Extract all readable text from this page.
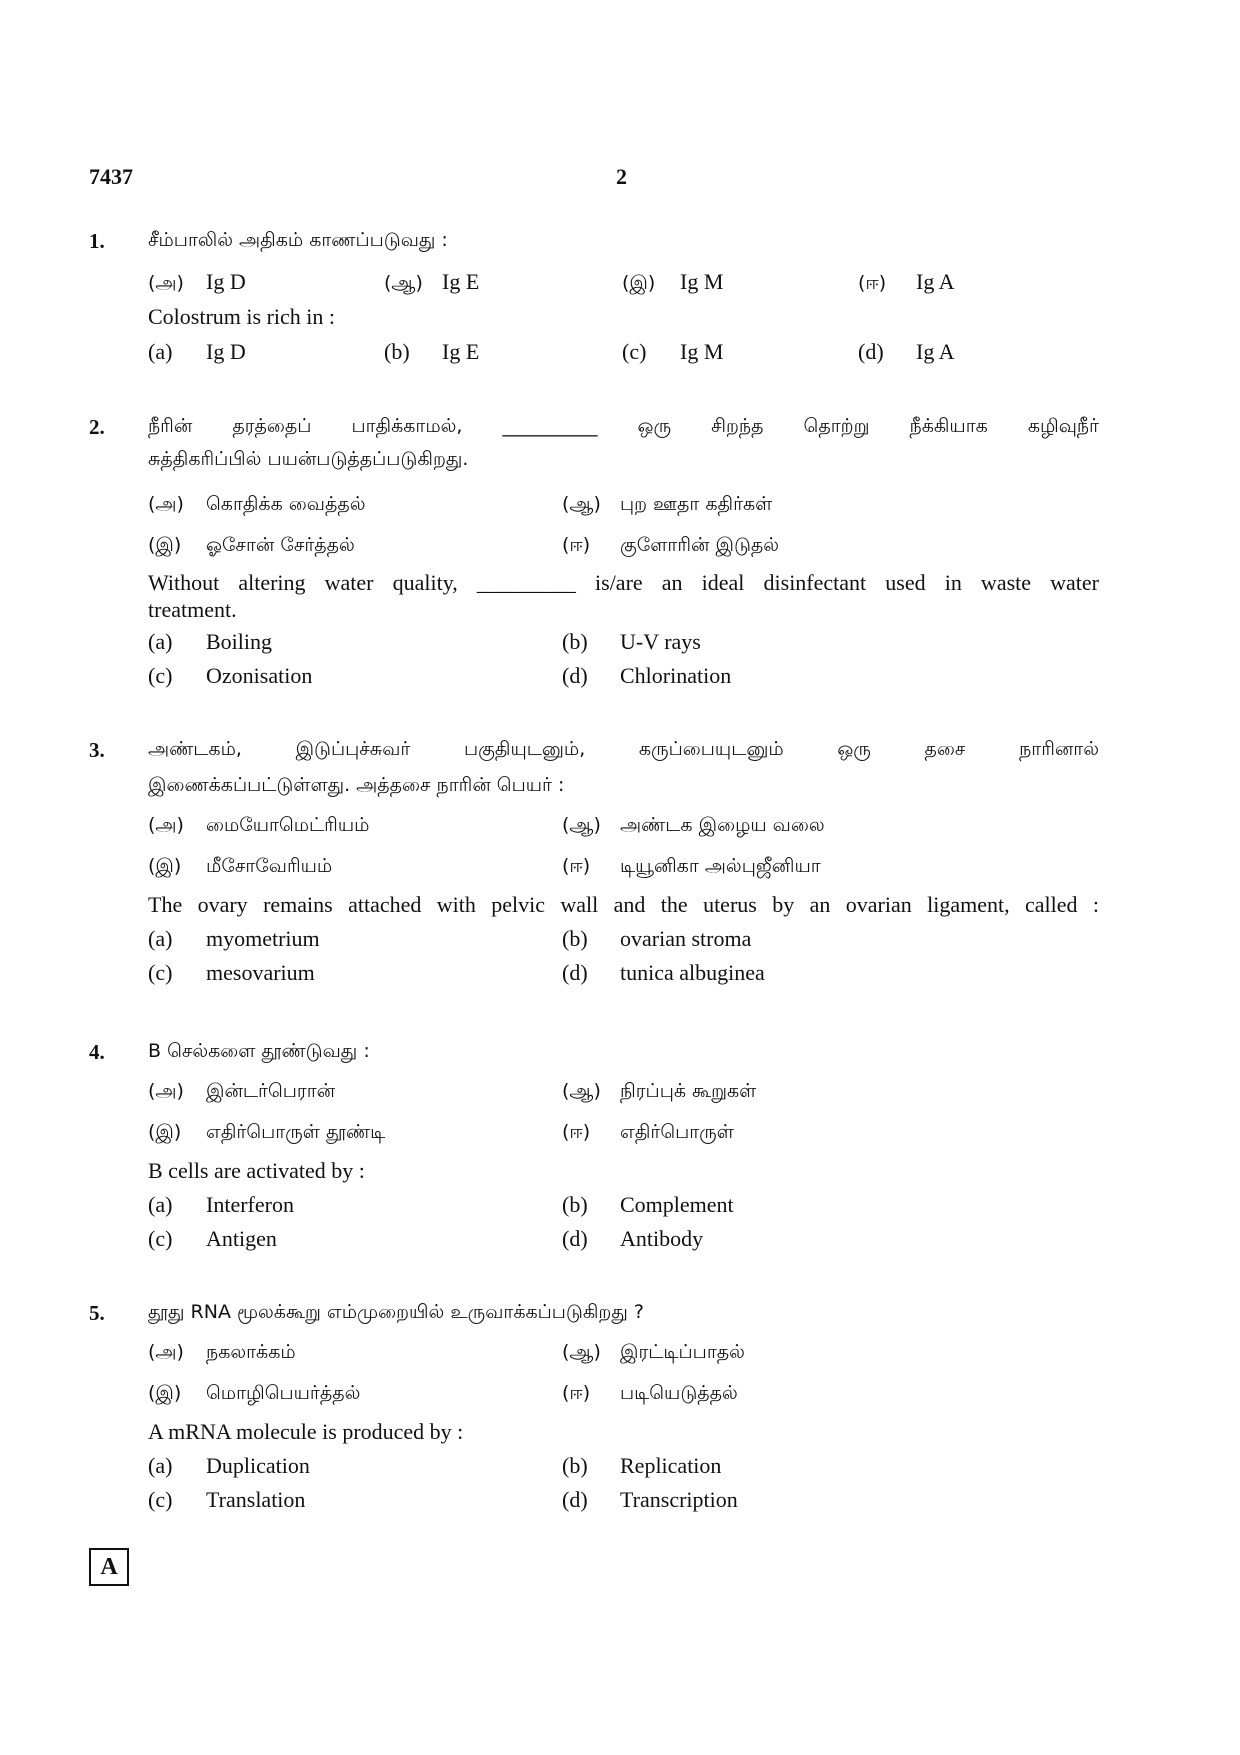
7437	2
1. சீம்பாலில் அதிகம் காணப்படுவது :
(அ) Ig D	(ஆ) Ig E	(இ) Ig M	(ஈ) Ig A
Colostrum is rich in :
(a) Ig D	(b) Ig E	(c) Ig M	(d) Ig A
2. நீரின் தரத்தைப் பாதிக்காமல், __________ ஒரு சிறந்த தொற்று நீக்கியாக கழிவுநீர்
சுத்திகரிப்பில் பயன்படுத்தப்படுகிறது.
(அ) கொதிக்க வைத்தல்	(ஆ) புற ஊதா கதிர்கள்
(இ) ஓசோன் சேர்த்தல்	(ஈ) குளோரின் இடுதல்
Without altering water quality, _________ is/are an ideal disinfectant used in waste water
treatment.
(a) Boiling	(b) U-V rays
(c) Ozonisation	(d) Chlorination
3. அண்டகம், இடுப்புச்சுவர் பகுதியுடனும், கருப்பையுடனும் ஒரு தசை நாரினால்
இணைக்கப்பட்டுள்ளது. அத்தசை நாரின் பெயர் :
(அ) மையோமெட்ரியம்	(ஆ) அண்டக இழைய வலை
(இ) மீசோவேரியம்	(ஈ) டியூனிகா அல்புஜீனியா
The ovary remains attached with pelvic wall and the uterus by an ovarian ligament, called :
(a) myometrium	(b) ovarian stroma
(c) mesovarium	(d) tunica albuginea
4. B செல்களை தூண்டுவது :
(அ) இன்டர்பெரான்	(ஆ) நிரப்புக் கூறுகள்
(இ) எதிர்பொருள் தூண்டி	(ஈ) எதிர்பொருள்
B cells are activated by :
(a) Interferon	(b) Complement
(c) Antigen	(d) Antibody
5. தூது RNA மூலக்கூறு எம்முறையில் உருவாக்கப்படுகிறது ?
(அ) நகலாக்கம்	(ஆ) இரட்டிப்பாதல்
(இ) மொழிபெயர்த்தல்	(ஈ) படியெடுத்தல்
A mRNA molecule is produced by :
(a) Duplication	(b) Replication
(c) Translation	(d) Transcription
A
